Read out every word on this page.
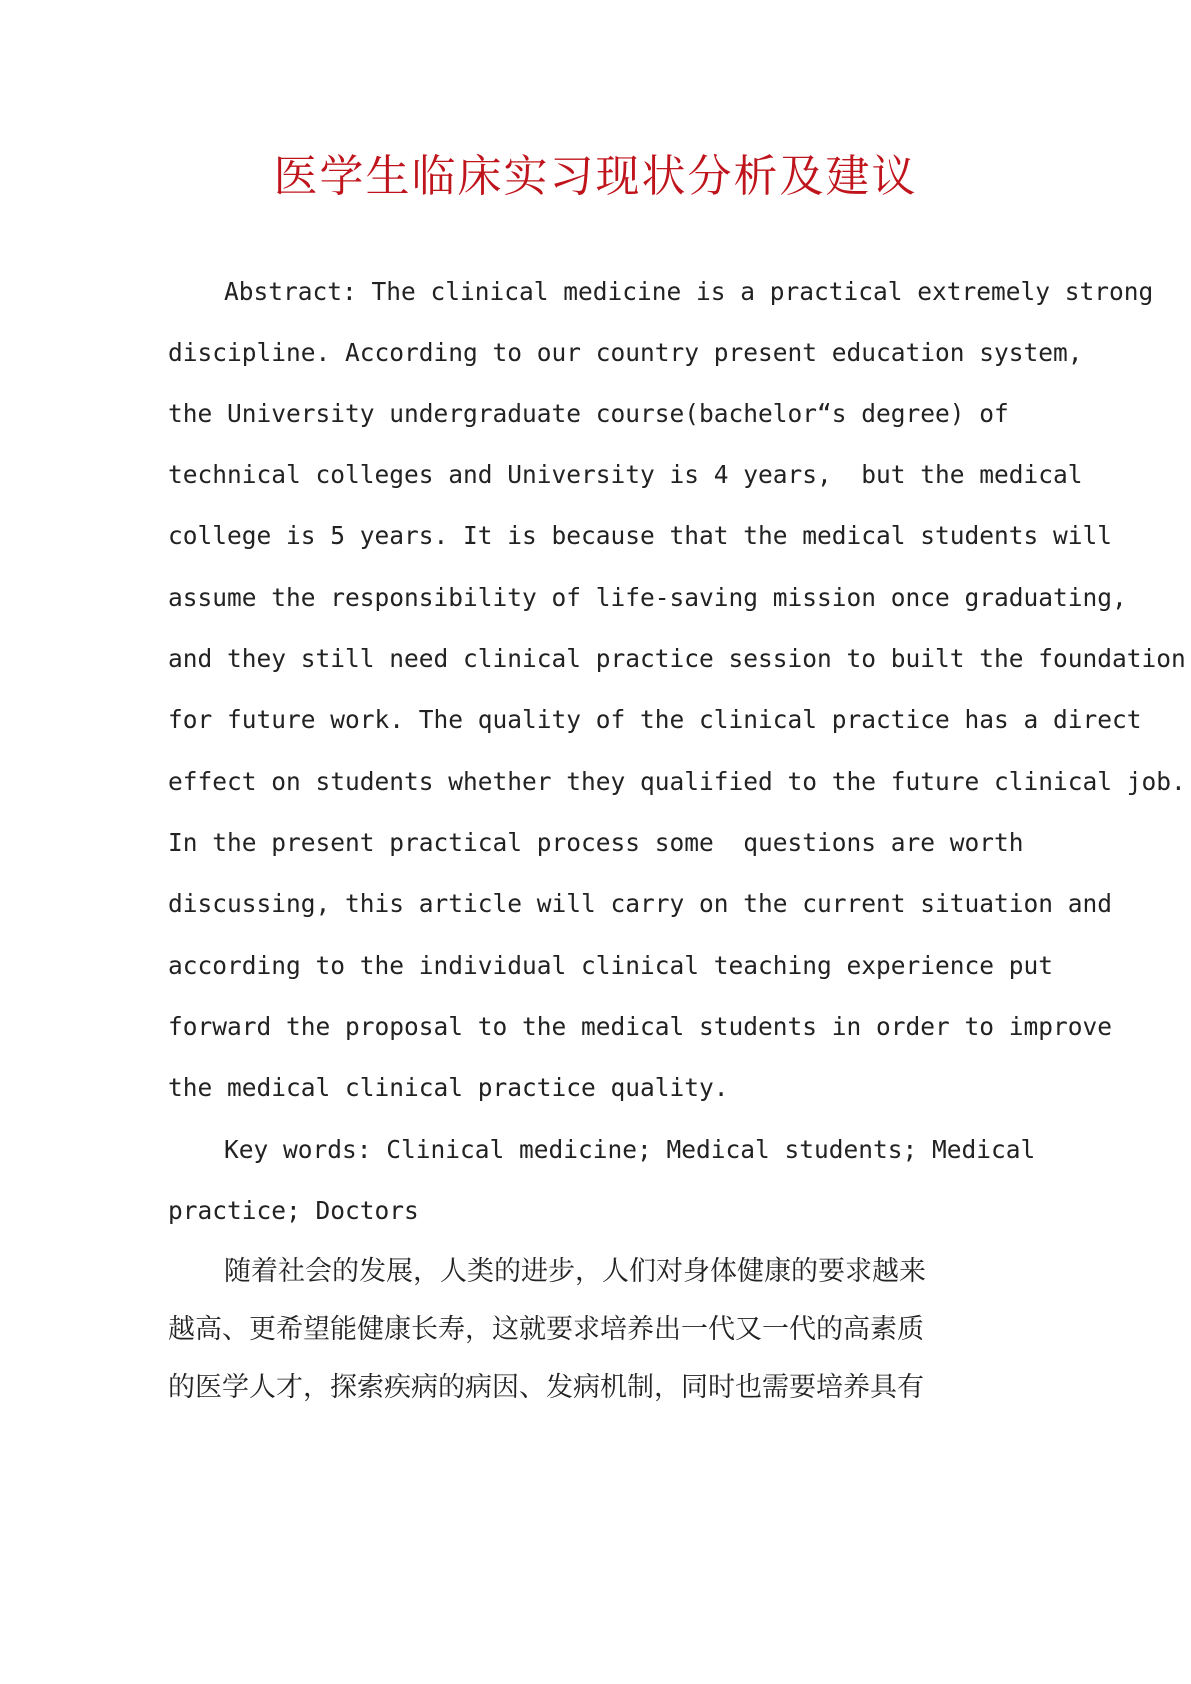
医学生临床实习现状分析及建议

Abstract: The clinical medicine is a practical extremely strong

discipline. According to our country present education system,

the University undergraduate course(bachelor“s degree) of

technical colleges and University is 4 years,  but the medical

college is 5 years. It is because that the medical students will

assume the responsibility of life-saving mission once graduating,

and they still need clinical practice session to built the foundation

for future work. The quality of the clinical practice has a direct

effect on students whether they qualified to the future clinical job.

In the present practical process some  questions are worth

discussing, this article will carry on the current situation and

according to the individual clinical teaching experience put

forward the proposal to the medical students in order to improve

the medical clinical practice quality.

Key words: Clinical medicine; Medical students; Medical

practice; Doctors

随着社会的发展，人类的进步，人们对身体健康的要求越来

越高、更希望能健康长寿，这就要求培养出一代又一代的高素质

的医学人才，探索疾病的病因、发病机制，同时也需要培养具有
